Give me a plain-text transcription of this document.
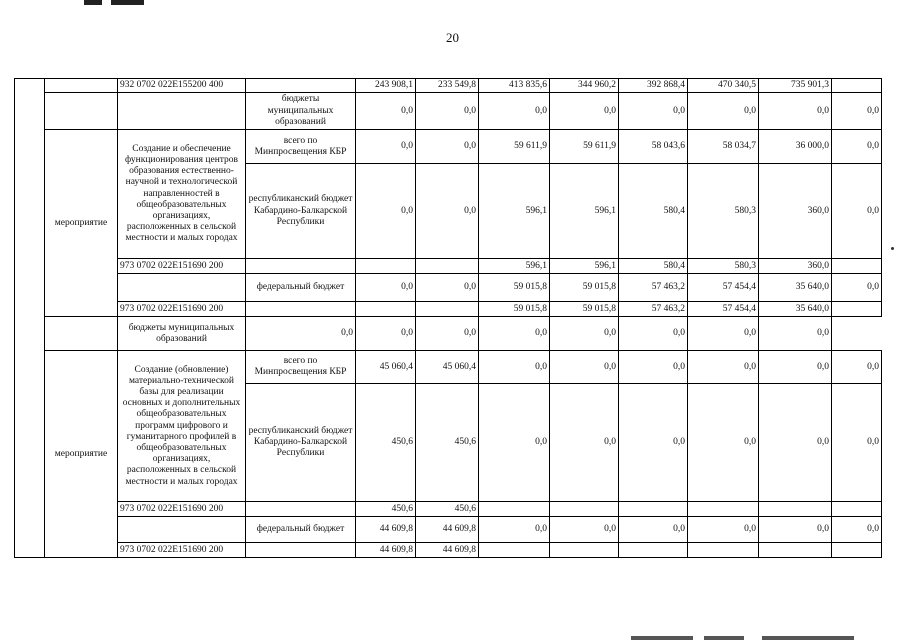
20
		932 0702 022E155200 400		243 908,1	233 549,8	413 835,6	344 960,2	392 868,4	470 340,5	735 901,3	
			бюджеты муниципальных образований	0,0	0,0	0,0	0,0	0,0	0,0	0,0	0,0
	мероприятие	Создание и обеспечение функционирования центров образования естественно-научной и технологической направленностей в общеобразовательных организациях, расположенных в сельской местности и малых городах	всего по Минпросвещения КБР	0,0	0,0	59 611,9	59 611,9	58 043,6	58 034,7	36 000,0	0,0
			республиканский бюджет Кабардино-Балкарской Республики	0,0	0,0	596,1	596,1	580,4	580,3	360,0	0,0
		973 0702 022E151690 200				596,1	596,1	580,4	580,3	360,0	
			федеральный бюджет	0,0	0,0	59 015,8	59 015,8	57 463,2	57 454,4	35 640,0	0,0
		973 0702 022E151690 200				59 015,8	59 015,8	57 463,2	57 454,4	35 640,0	
		бюджеты муниципальных образований	0,0	0,0	0,0	0,0	0,0	0,0	0,0	0,0	
	мероприятие	Создание (обновление) материально-технической базы для реализации основных и дополнительных общеобразовательных программ цифрового и гуманитарного профилей в общеобразовательных организациях, расположенных в сельской местности и малых городах	всего по Минпросвещения КБР	45 060,4	45 060,4	0,0	0,0	0,0	0,0	0,0	0,0
			республиканский бюджет Кабардино-Балкарской Республики	450,6	450,6	0,0	0,0	0,0	0,0	0,0	0,0
		973 0702 022E151690 200		450,6	450,6						
			федеральный бюджет	44 609,8	44 609,8	0,0	0,0	0,0	0,0	0,0	0,0
		973 0702 022E151690 200		44 609,8	44 609,8						
